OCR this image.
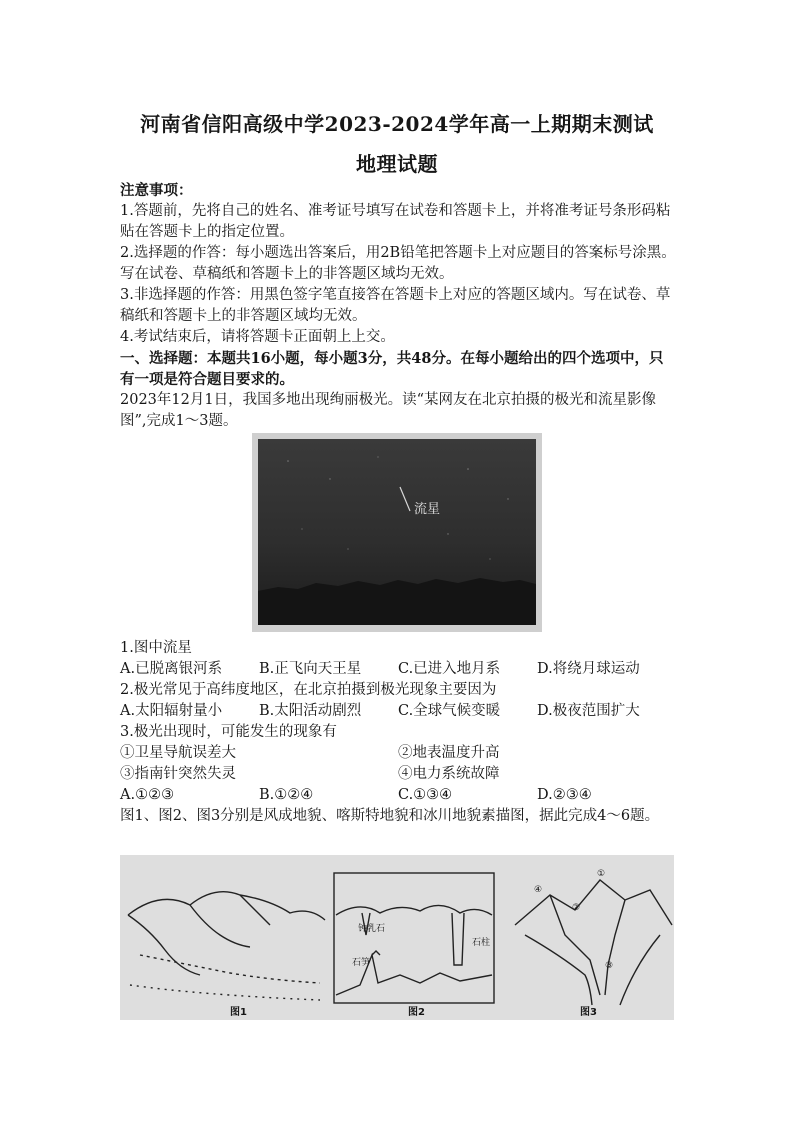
河南省信阳高级中学2023-2024学年高一上期期末测试
地理试题
注意事项：
1.答题前，先将自己的姓名、准考证号填写在试卷和答题卡上，并将准考证号条形码粘贴在答题卡上的指定位置。
2.选择题的作答：每小题选出答案后，用2B铅笔把答题卡上对应题目的答案标号涂黑。写在试卷、草稿纸和答题卡上的非答题区域均无效。
3.非选择题的作答：用黑色签字笔直接答在答题卡上对应的答题区域内。写在试卷、草稿纸和答题卡上的非答题区域均无效。
4.考试结束后，请将答题卡正面朝上上交。
一、选择题：本题共16小题，每小题3分，共48分。在每小题给出的四个选项中，只有一项是符合题目要求的。
2023年12月1日，我国多地出现绚丽极光。读“某网友在北京拍摄的极光和流星影像图”,完成1～3题。
流星
1.图中流星
A.已脱离银河系	B.正飞向天王星	C.已进入地月系	D.将绕月球运动
2.极光常见于高纬度地区，在北京拍摄到极光现象主要因为
A.太阳辐射量小	B.太阳活动剧烈	C.全球气候变暖	D.极夜范围扩大
3.极光出现时，可能发生的现象有
①卫星导航误差大	②地表温度升高
③指南针突然失灵	④电力系统故障
A.①②③	B.①②④	C.①③④	D.②③④
图1、图2、图3分别是风成地貌、喀斯特地貌和冰川地貌素描图，据此完成4～6题。
钟乳石
石柱
石笋
①
②
③
④
图1	图2	图3
